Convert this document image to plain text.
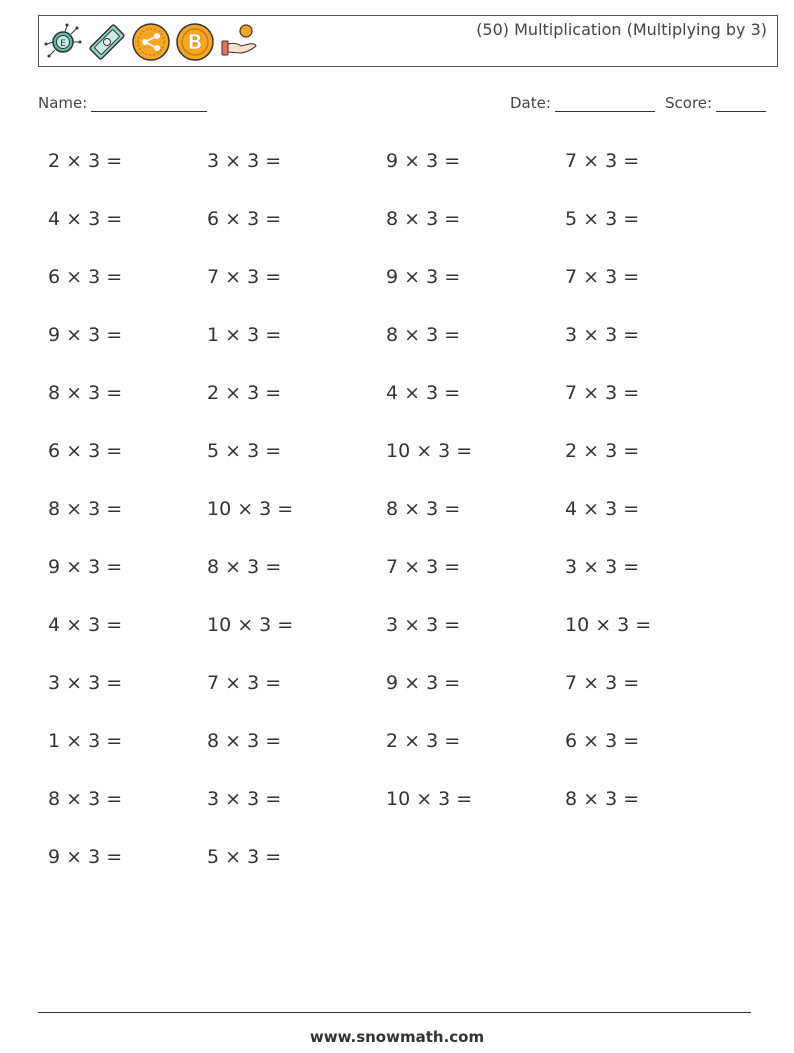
E	B
(50) Multiplication (Multiplying by 3)
Name:	Date:	Score:
2 × 3 =	3 × 3 =	9 × 3 =	7 × 3 =
4 × 3 =	6 × 3 =	8 × 3 =	5 × 3 =
6 × 3 =	7 × 3 =	9 × 3 =	7 × 3 =
9 × 3 =	1 × 3 =	8 × 3 =	3 × 3 =
8 × 3 =	2 × 3 =	4 × 3 =	7 × 3 =
6 × 3 =	5 × 3 =	10 × 3 =	2 × 3 =
8 × 3 =	10 × 3 =	8 × 3 =	4 × 3 =
9 × 3 =	8 × 3 =	7 × 3 =	3 × 3 =
4 × 3 =	10 × 3 =	3 × 3 =	10 × 3 =
3 × 3 =	7 × 3 =	9 × 3 =	7 × 3 =
1 × 3 =	8 × 3 =	2 × 3 =	6 × 3 =
8 × 3 =	3 × 3 =	10 × 3 =	8 × 3 =
9 × 3 =	5 × 3 =
www.snowmath.com
